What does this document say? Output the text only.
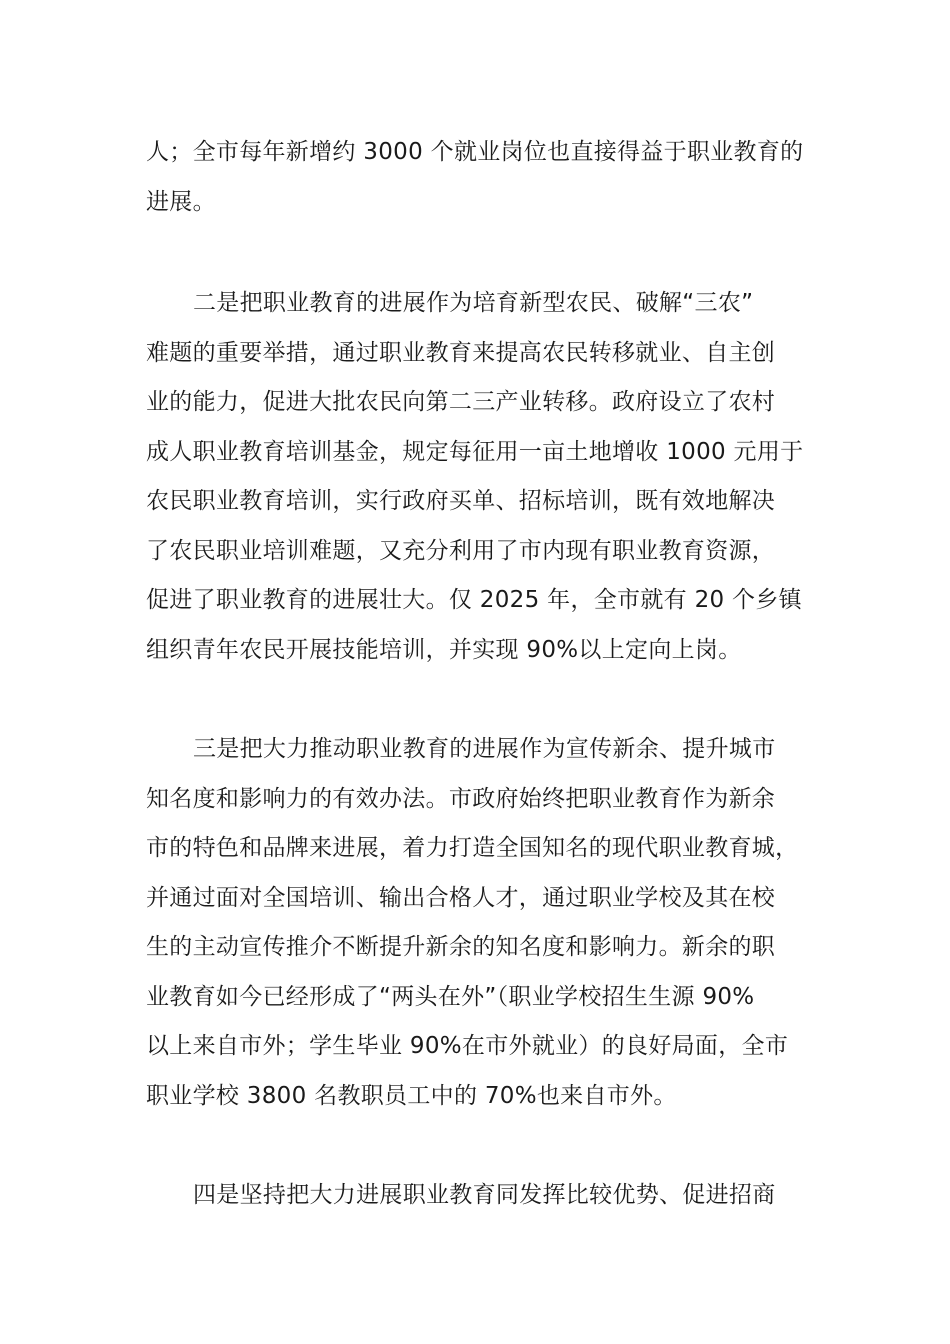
人；全市每年新增约 3000 个就业岗位也直接得益于职业教育的
进展。
二是把职业教育的进展作为培育新型农民、破解“三农”
难题的重要举措，通过职业教育来提高农民转移就业、自主创
业的能力，促进大批农民向第二三产业转移。政府设立了农村
成人职业教育培训基金，规定每征用一亩土地增收 1000 元用于
农民职业教育培训，实行政府买单、招标培训，既有效地解决
了农民职业培训难题，又充分利用了市内现有职业教育资源，
促进了职业教育的进展壮大。仅 2025 年，全市就有 20 个乡镇
组织青年农民开展技能培训，并实现 90%以上定向上岗。
三是把大力推动职业教育的进展作为宣传新余、提升城市
知名度和影响力的有效办法。市政府始终把职业教育作为新余
市的特色和品牌来进展，着力打造全国知名的现代职业教育城，
并通过面对全国培训、输出合格人才，通过职业学校及其在校
生的主动宣传推介不断提升新余的知名度和影响力。新余的职
业教育如今已经形成了“两头在外”（职业学校招生生源 90%
以上来自市外；学生毕业 90%在市外就业）的良好局面，全市
职业学校 3800 名教职员工中的 70%也来自市外。
四是坚持把大力进展职业教育同发挥比较优势、促进招商
